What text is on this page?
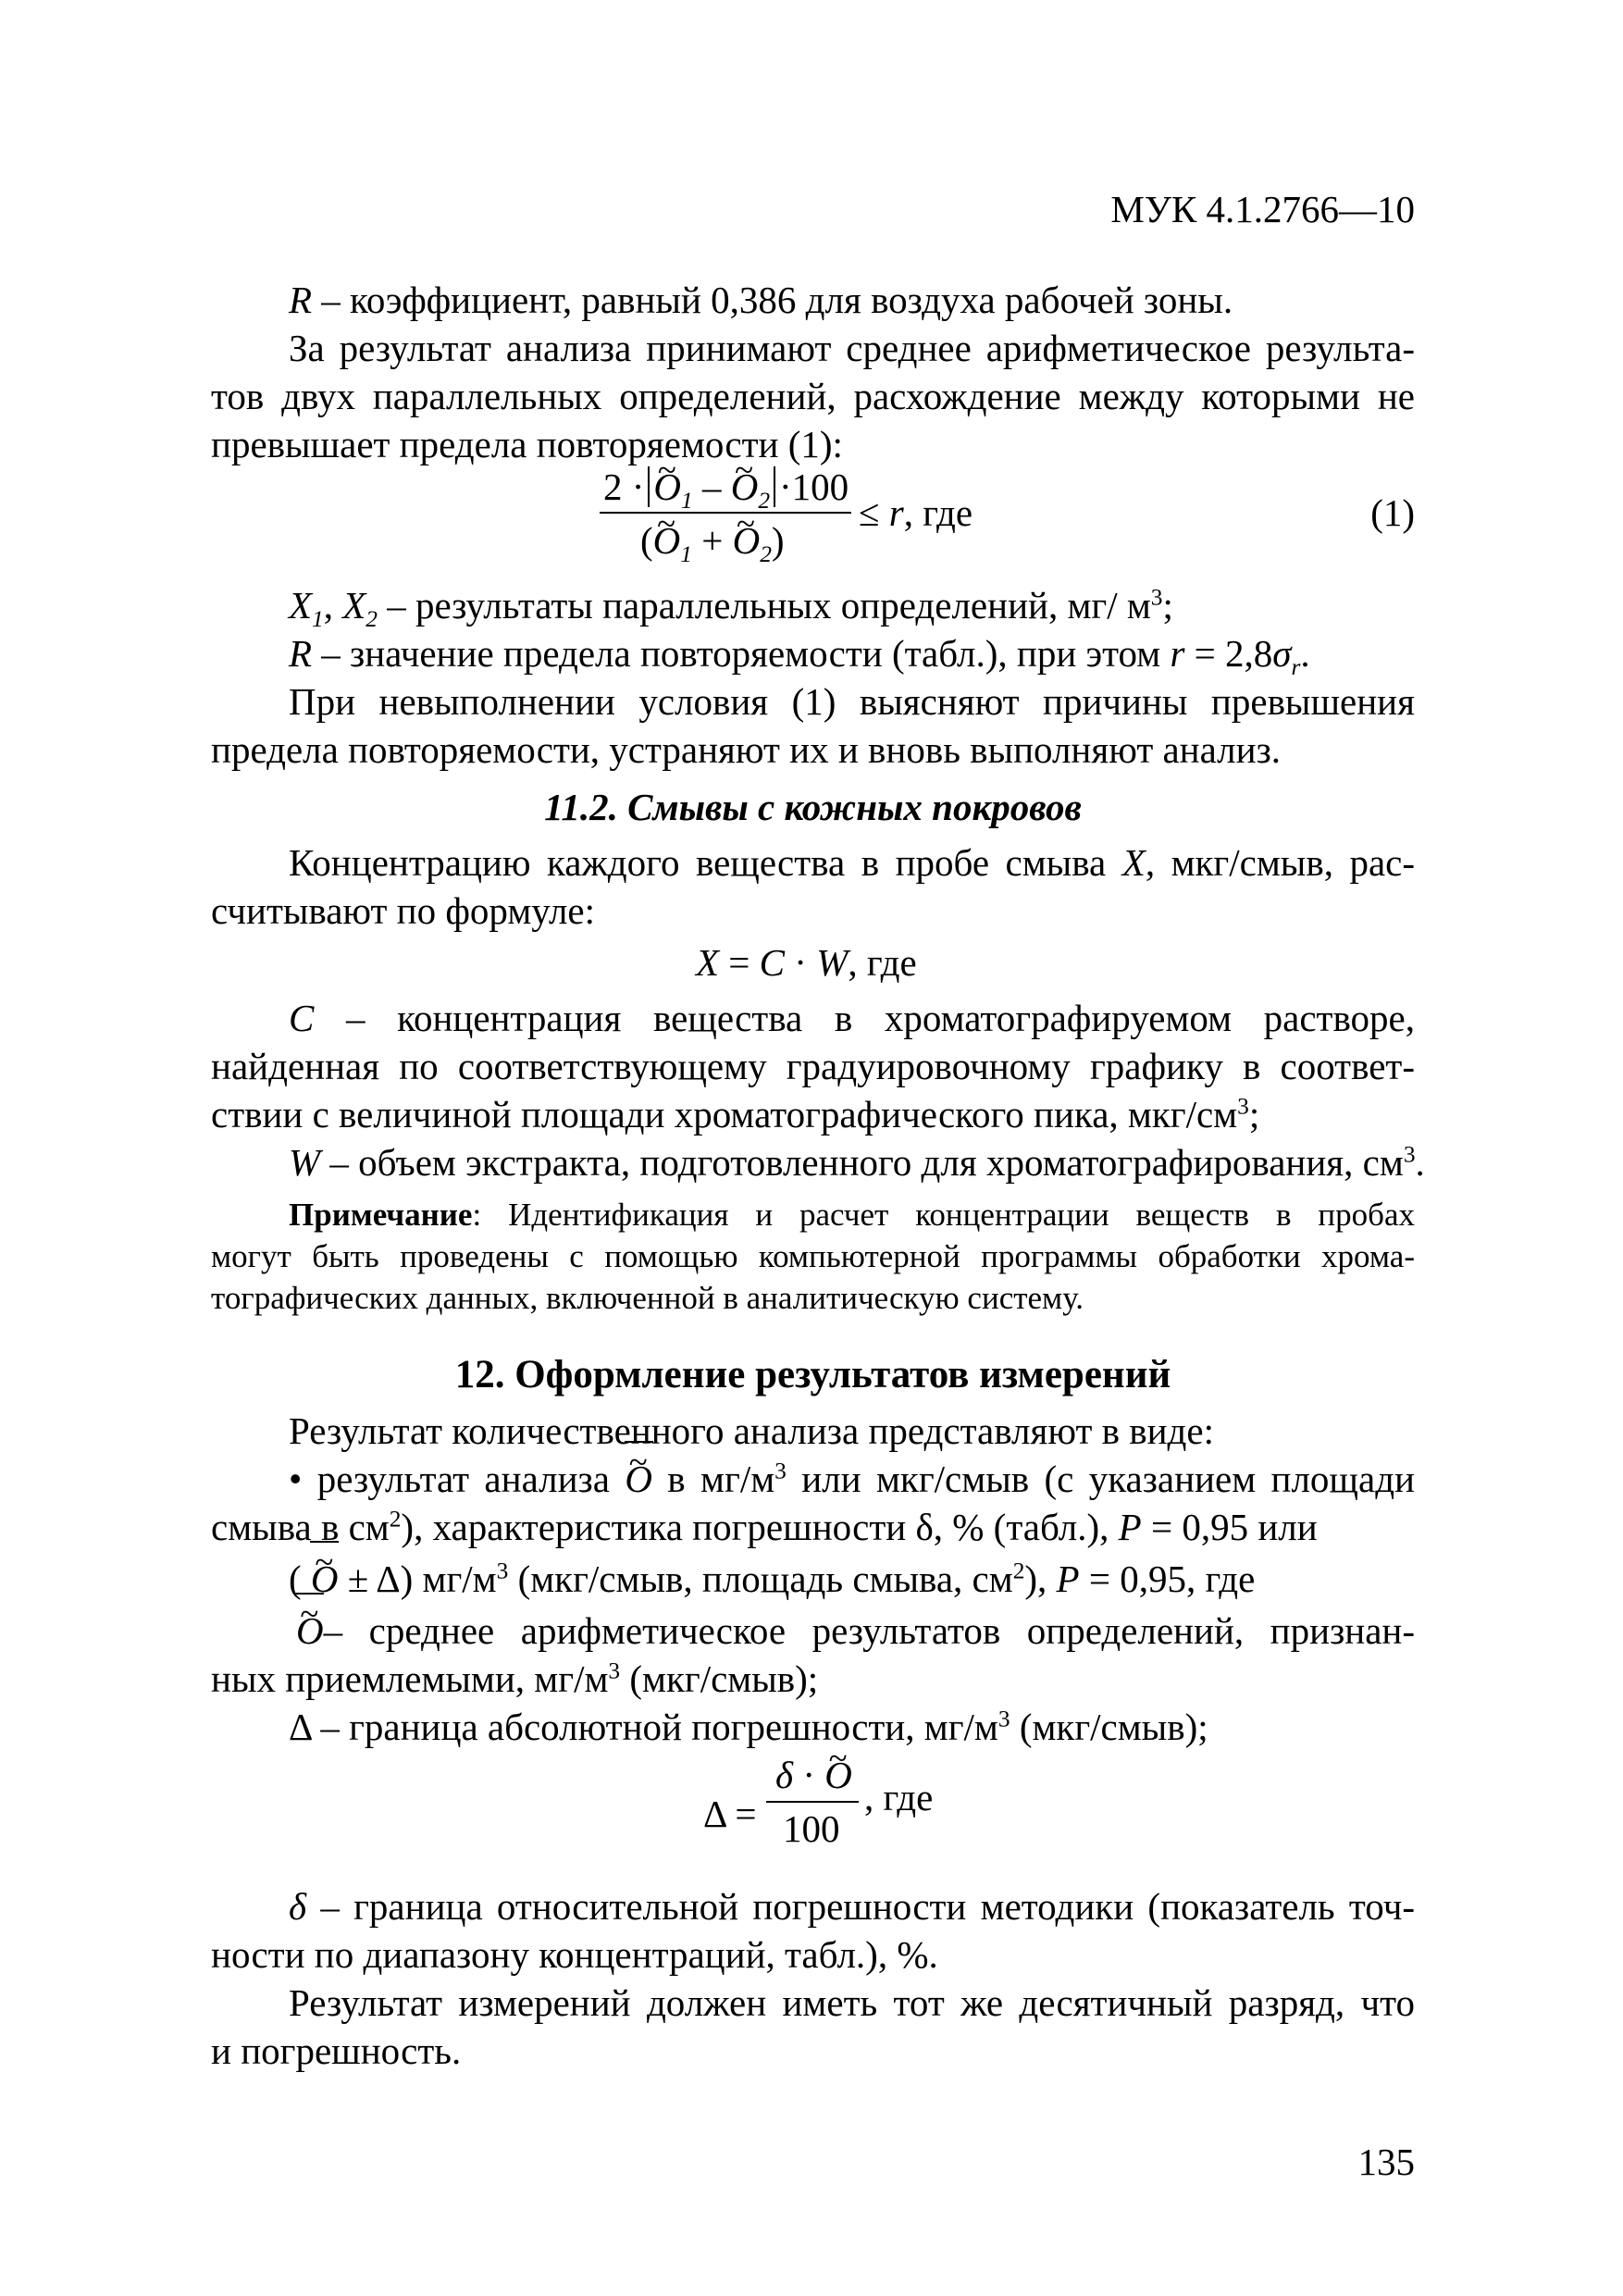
МУК 4.1.2766—10
R – коэффициент, равный 0,386 для воздуха рабочей зоны.
За результат анализа принимают среднее арифметическое результа-
тов двух параллельных определений, расхождение между которыми не
превышает предела повторяемости (1):
2 · ~ $O_1$ – ~ $O_2 \cdot 100$
(~ $O_1$ + ~ $O_2$)
≤ r, где	(1)
$X_1$, $X_2$ – результаты параллельных определений, мг/ $м^3$;
R – значение предела повторяемости (табл.), при этом $r = 2,8\sigma_r$.
При невыполнении условия (1) выясняют причины превышения
предела повторяемости, устраняют их и вновь выполняют анализ.
11.2. Смывы с кожных покровов
Концентрацию каждого вещества в пробе смыва X, мкг/смыв, рас-
считывают по формуле:
X = C · W, где
C – концентрация вещества в хроматографируемом растворе,
найденная по соответствующему градуировочному графику в соответ-
ствии с величиной площади хроматографического пика, мкг/$см^3$;
W – объем экстракта, подготовленного для хроматографирования, $см^3$.
Примечание: Идентификация и расчет концентрации веществ в пробах
могут быть проведены с помощью компьютерной программы обработки хрома-
тографических данных, включенной в аналитическую систему.
12. Оформление результатов измерений
Результат количественного анализа представляют в виде:
• результат анализа ~ O в $мг/м^3$ или мкг/смыв (с указанием площади
смыва в $см^2$), характеристика погрешности δ, % (табл.), P = 0,95 или
( ~ O ± Δ) $мг/м^3$ (мкг/смыв, площадь смыва, $см^2$), P = 0,95, где
~ O– среднее арифметическое результатов определений, признан-
ных приемлемыми, $мг/м^3$ (мкг/смыв);
Δ – граница абсолютной погрешности, $мг/м^3$ (мкг/смыв);
Δ =
δ · ~ O
100
, где
δ – граница относительной погрешности методики (показатель точ-
ности по диапазону концентраций, табл.), %.
Результат измерений должен иметь тот же десятичный разряд, что
и погрешность.
135
